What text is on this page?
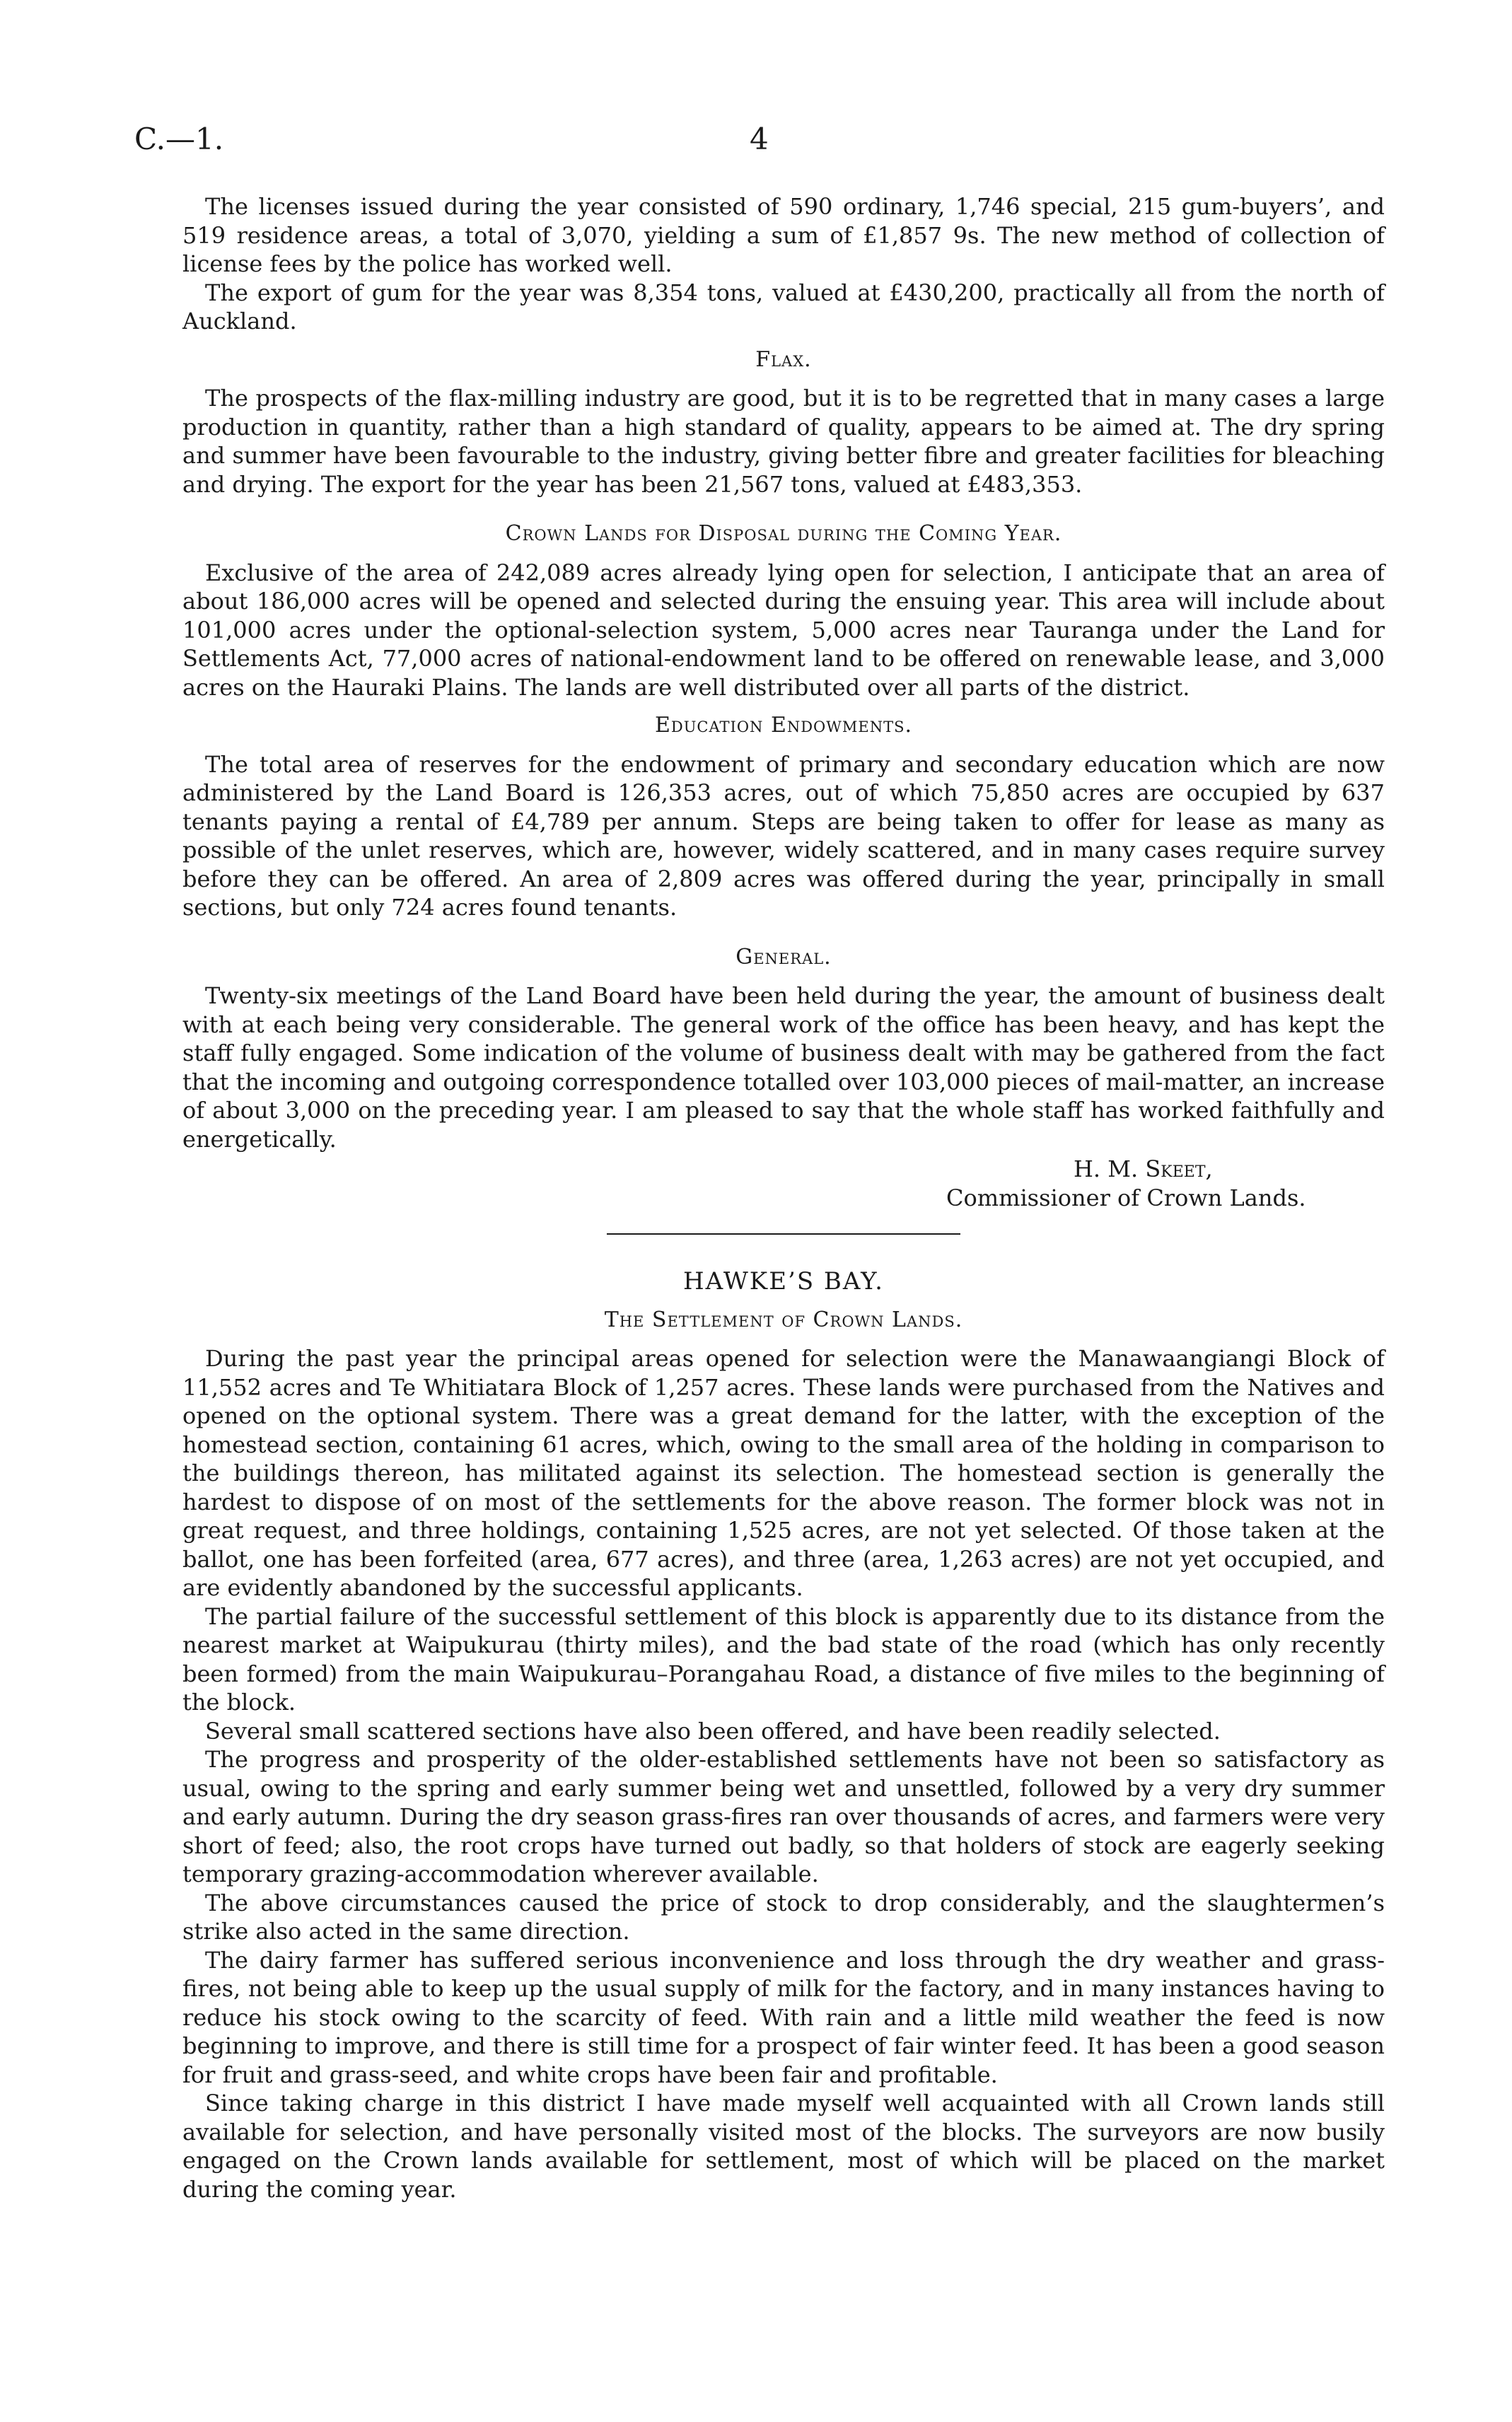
C.—1.	4

The licenses issued during the year consisted of 590 ordinary, 1,746 special, 215 gum-buyers’, and 519 residence areas, a total of 3,070, yielding a sum of £1,857 9s. The new method of collection of license fees by the police has worked well.

The export of gum for the year was 8,354 tons, valued at £430,200, practically all from the north of Auckland.

Flax.

The prospects of the flax-milling industry are good, but it is to be regretted that in many cases a large production in quantity, rather than a high standard of quality, appears to be aimed at. The dry spring and summer have been favourable to the industry, giving better fibre and greater facilities for bleaching and drying. The export for the year has been 21,567 tons, valued at £483,353.

Crown Lands for Disposal during the Coming Year.

Exclusive of the area of 242,089 acres already lying open for selection, I anticipate that an area of about 186,000 acres will be opened and selected during the ensuing year. This area will include about 101,000 acres under the optional-selection system, 5,000 acres near Tauranga under the Land for Settlements Act, 77,000 acres of national-endowment land to be offered on renewable lease, and 3,000 acres on the Hauraki Plains. The lands are well distributed over all parts of the district.

Education Endowments.

The total area of reserves for the endowment of primary and secondary education which are now administered by the Land Board is 126,353 acres, out of which 75,850 acres are occupied by 637 tenants paying a rental of £4,789 per annum. Steps are being taken to offer for lease as many as possible of the unlet reserves, which are, however, widely scattered, and in many cases require survey before they can be offered. An area of 2,809 acres was offered during the year, principally in small sections, but only 724 acres found tenants.

General.

Twenty-six meetings of the Land Board have been held during the year, the amount of business dealt with at each being very considerable. The general work of the office has been heavy, and has kept the staff fully engaged. Some indication of the volume of business dealt with may be gathered from the fact that the incoming and outgoing correspondence totalled over 103,000 pieces of mail-matter, an increase of about 3,000 on the preceding year. I am pleased to say that the whole staff has worked faithfully and energetically.

H. M. Skeet,
Commissioner of Crown Lands.
HAWKE’S BAY.
The Settlement of Crown Lands.

During the past year the principal areas opened for selection were the Manawaangiangi Block of 11,552 acres and Te Whitiatara Block of 1,257 acres. These lands were purchased from the Natives and opened on the optional system. There was a great demand for the latter, with the exception of the homestead section, containing 61 acres, which, owing to the small area of the holding in comparison to the buildings thereon, has militated against its selection. The homestead section is generally the hardest to dispose of on most of the settlements for the above reason. The former block was not in great request, and three holdings, containing 1,525 acres, are not yet selected. Of those taken at the ballot, one has been forfeited (area, 677 acres), and three (area, 1,263 acres) are not yet occupied, and are evidently abandoned by the successful applicants.

The partial failure of the successful settlement of this block is apparently due to its distance from the nearest market at Waipukurau (thirty miles), and the bad state of the road (which has only recently been formed) from the main Waipukurau–Porangahau Road, a distance of five miles to the beginning of the block.

Several small scattered sections have also been offered, and have been readily selected.

The progress and prosperity of the older-established settlements have not been so satisfactory as usual, owing to the spring and early summer being wet and unsettled, followed by a very dry summer and early autumn. During the dry season grass-fires ran over thousands of acres, and farmers were very short of feed; also, the root crops have turned out badly, so that holders of stock are eagerly seeking temporary grazing-accommodation wherever available.

The above circumstances caused the price of stock to drop considerably, and the slaughtermen’s strike also acted in the same direction.

The dairy farmer has suffered serious inconvenience and loss through the dry weather and grass-fires, not being able to keep up the usual supply of milk for the factory, and in many instances having to reduce his stock owing to the scarcity of feed. With rain and a little mild weather the feed is now beginning to improve, and there is still time for a prospect of fair winter feed. It has been a good season for fruit and grass-seed, and white crops have been fair and profitable.

Since taking charge in this district I have made myself well acquainted with all Crown lands still available for selection, and have personally visited most of the blocks. The surveyors are now busily engaged on the Crown lands available for settlement, most of which will be placed on the market during the coming year.
